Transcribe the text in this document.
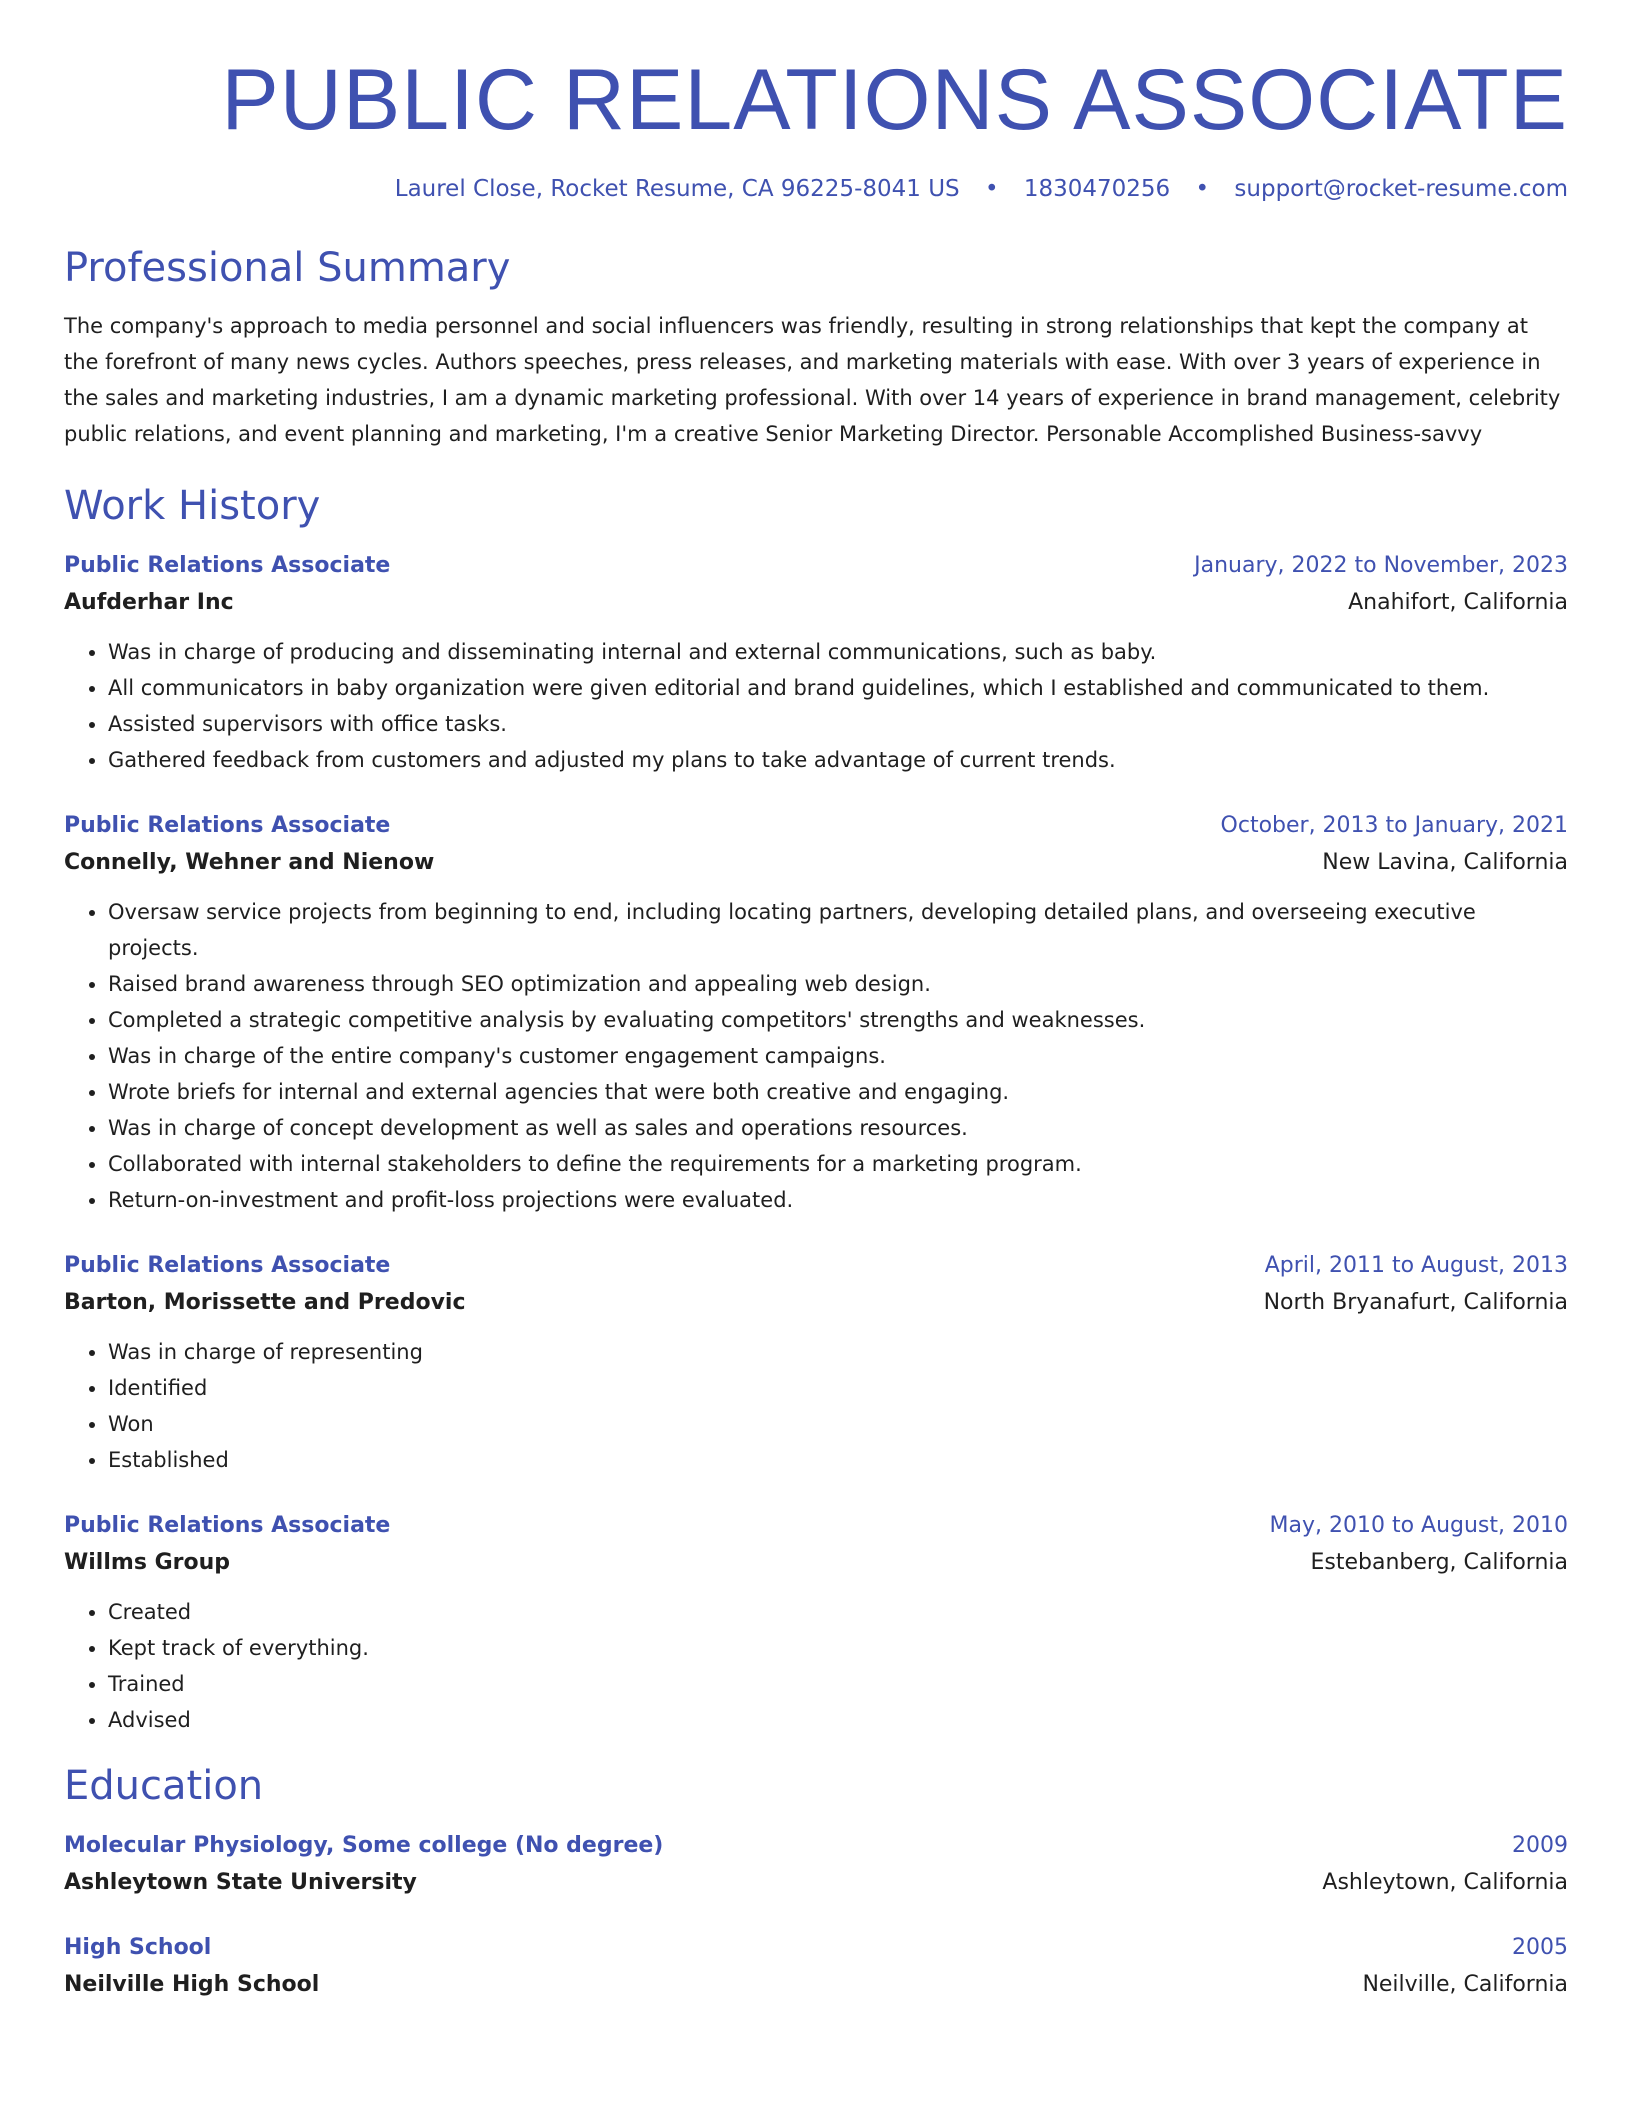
PUBLIC RELATIONS ASSOCIATE
Laurel Close, Rocket Resume, CA 96225-8041 US • 1830470256 • support@rocket-resume.com
Professional Summary
The company's approach to media personnel and social influencers was friendly, resulting in strong relationships that kept the company at the forefront of many news cycles. Authors speeches, press releases, and marketing materials with ease. With over 3 years of experience in the sales and marketing industries, I am a dynamic marketing professional. With over 14 years of experience in brand management, celebrity public relations, and event planning and marketing, I'm a creative Senior Marketing Director. Personable Accomplished Business-savvy
Work History
Public Relations Associate	January, 2022 to November, 2023
Aufderhar Inc	Anahifort, California
• Was in charge of producing and disseminating internal and external communications, such as baby.
• All communicators in baby organization were given editorial and brand guidelines, which I established and communicated to them.
• Assisted supervisors with office tasks.
• Gathered feedback from customers and adjusted my plans to take advantage of current trends.
Public Relations Associate	October, 2013 to January, 2021
Connelly, Wehner and Nienow	New Lavina, California
• Oversaw service projects from beginning to end, including locating partners, developing detailed plans, and overseeing executive projects.
• Raised brand awareness through SEO optimization and appealing web design.
• Completed a strategic competitive analysis by evaluating competitors' strengths and weaknesses.
• Was in charge of the entire company's customer engagement campaigns.
• Wrote briefs for internal and external agencies that were both creative and engaging.
• Was in charge of concept development as well as sales and operations resources.
• Collaborated with internal stakeholders to define the requirements for a marketing program.
• Return-on-investment and profit-loss projections were evaluated.
Public Relations Associate	April, 2011 to August, 2013
Barton, Morissette and Predovic	North Bryanafurt, California
• Was in charge of representing
• Identified
• Won
• Established
Public Relations Associate	May, 2010 to August, 2010
Willms Group	Estebanberg, California
• Created
• Kept track of everything.
• Trained
• Advised
Education
Molecular Physiology, Some college (No degree)	2009
Ashleytown State University	Ashleytown, California
High School	2005
Neilville High School	Neilville, California
